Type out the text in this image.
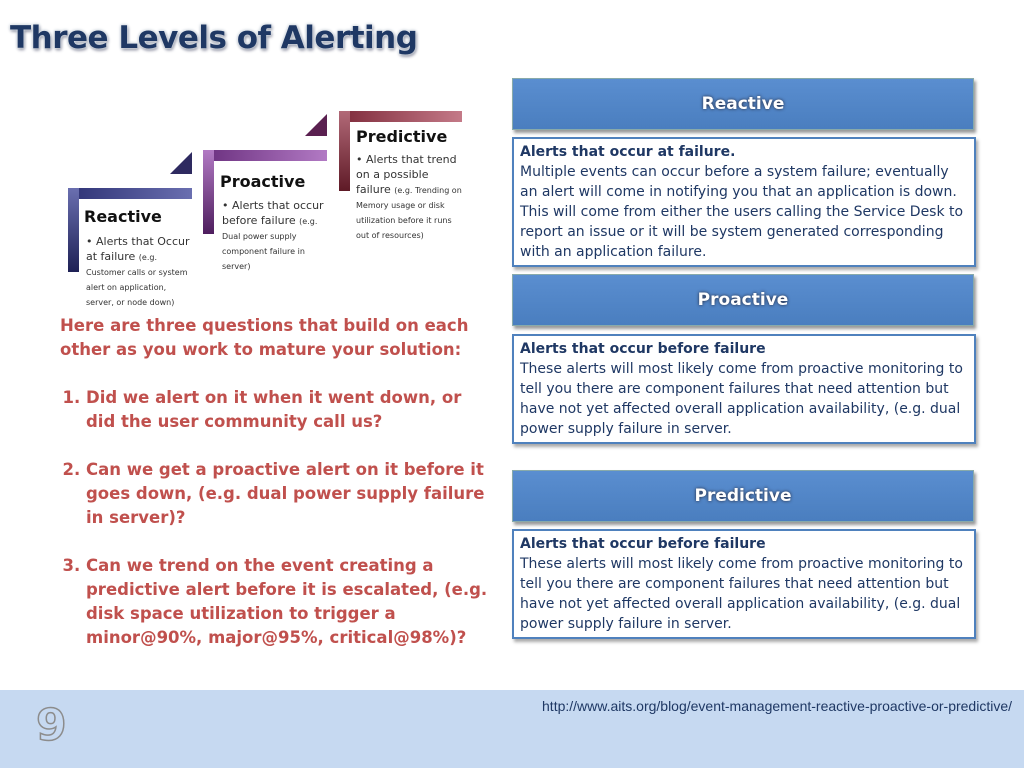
Three Levels of Alerting
Reactive
• Alerts that Occur at failure (e.g. Customer calls or system alert on application, server, or node down)
Proactive
• Alerts that occur before failure (e.g. Dual power supply component failure in server)
Predictive
• Alerts that trend on a possible failure (e.g. Trending on Memory usage or disk utilization before it runs out of resources)
Here are three questions that build on each other as you work to mature your solution:
1. Did we alert on it when it went down, or did the user community call us?
2. Can we get a proactive alert on it before it goes down, (e.g. dual power supply failure in server)?
3. Can we trend on the event creating a predictive alert before it is escalated, (e.g. disk space utilization to trigger a minor@90%, major@95%, critical@98%)?
Reactive
Alerts that occur at failure.
Multiple events can occur before a system failure; eventually an alert will come in notifying you that an application is down. This will come from either the users calling the Service Desk to report an issue or it will be system generated corresponding with an application failure.
Proactive
Alerts that occur before failure
These alerts will most likely come from proactive monitoring to tell you there are component failures that need attention but have not yet affected overall application availability, (e.g. dual power supply failure in server.
Predictive
Alerts that occur before failure
These alerts will most likely come from proactive monitoring to tell you there are component failures that need attention but have not yet affected overall application availability, (e.g. dual power supply failure in server.
9	http://www.aits.org/blog/event-management-reactive-proactive-or-predictive/
